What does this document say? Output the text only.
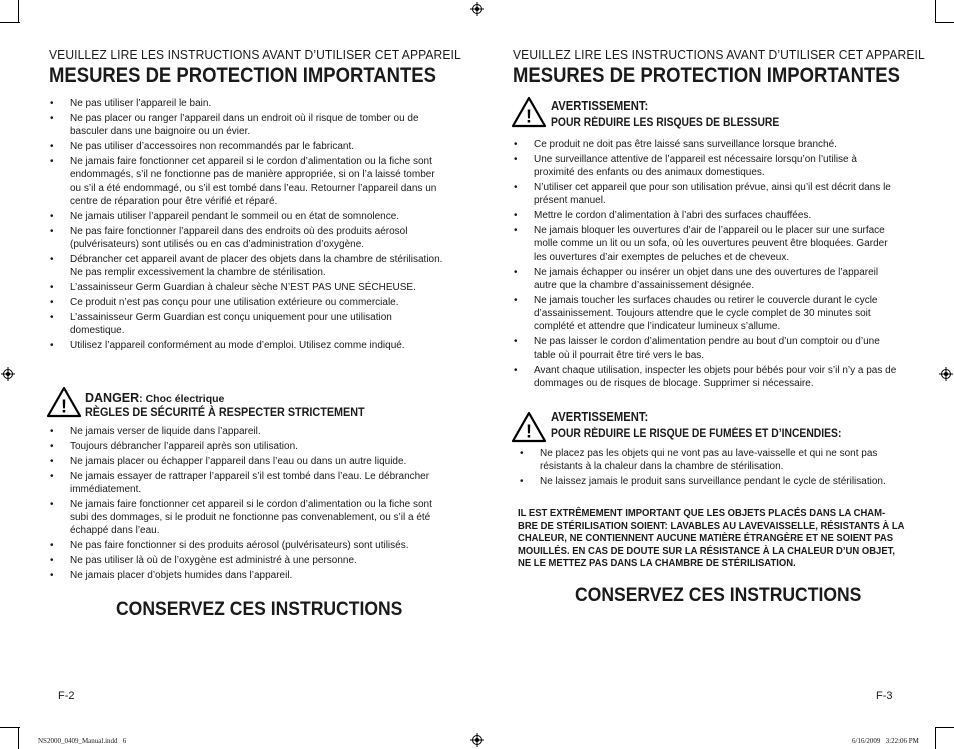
VEUILLEZ LIRE LES INSTRUCTIONS AVANT D’UTILISER CET APPAREIL
MESURES DE PROTECTION IMPORTANTES
• Ne pas utiliser l’appareil le bain.
• Ne pas placer ou ranger l’appareil dans un endroit où il risque de tomber ou de basculer dans une baignoire ou un évier.
• Ne pas utiliser d’accessoires non recommandés par le fabricant.
• Ne jamais faire fonctionner cet appareil si le cordon d’alimentation ou la fiche sont endommagés, s’il ne fonctionne pas de manière appropriée, si on l’a laissé tomber ou s’il a été endommagé, ou s’il est tombé dans l’eau. Retourner l’appareil dans un centre de réparation pour être vérifié et réparé.
• Ne jamais utiliser l’appareil pendant le sommeil ou en état de somnolence.
• Ne pas faire fonctionner l’appareil dans des endroits où des produits aérosol (pulvérisateurs) sont utilisés ou en cas d’administration d’oxygène.
• Débrancher cet appareil avant de placer des objets dans la chambre de stérilisation. Ne pas remplir excessivement la chambre de stérilisation.
• L’assainisseur Germ Guardian à chaleur sèche N’EST PAS UNE SÉCHEUSE.
• Ce produit n’est pas conçu pour une utilisation extérieure ou commerciale.
• L’assainisseur Germ Guardian est conçu uniquement pour une utilisation domestique.
• Utilisez l’appareil conformément au mode d’emploi. Utilisez comme indiqué.
! DANGER: Choc électrique
RÈGLES DE SÉCURITÉ À RESPECTER STRICTEMENT
• Ne jamais verser de liquide dans l’appareil.
• Toujours débrancher l’appareil après son utilisation.
• Ne jamais placer ou échapper l’appareil dans l’eau ou dans un autre liquide.
• Ne jamais essayer de rattraper l’appareil s’il est tombé dans l’eau. Le débrancher immédiatement.
• Ne jamais faire fonctionner cet appareil si le cordon d’alimentation ou la fiche sont subi des dommages, si le produit ne fonctionne pas convenablement, ou s’il a été échappé dans l’eau.
• Ne pas faire fonctionner si des produits aérosol (pulvérisateurs) sont utilisés.
• Ne pas utiliser là où de l’oxygène est administré à une personne.
• Ne jamais placer d’objets humides dans l’appareil.
CONSERVEZ CES INSTRUCTIONS
F-2
VEUILLEZ LIRE LES INSTRUCTIONS AVANT D’UTILISER CET APPAREIL
MESURES DE PROTECTION IMPORTANTES
!
AVERTISSEMENT:
POUR RÉDUIRE LES RISQUES DE BLESSURE
• Ce produit ne doit pas être laissé sans surveillance lorsque branché.
• Une surveillance attentive de l’appareil est nécessaire lorsqu’on l’utilise à proximité des enfants ou des animaux domestiques.
• N’utiliser cet appareil que pour son utilisation prévue, ainsi qu’il est décrit dans le présent manuel.
• Mettre le cordon d’alimentation à l’abri des surfaces chauffées.
• Ne jamais bloquer les ouvertures d’air de l’appareil ou le placer sur une surface molle comme un lit ou un sofa, où les ouvertures peuvent être bloquées. Garder les ouvertures d’air exemptes de peluches et de cheveux.
• Ne jamais échapper ou insérer un objet dans une des ouvertures de l’appareil autre que la chambre d’assainissement désignée.
• Ne jamais toucher les surfaces chaudes ou retirer le couvercle durant le cycle d’assainissement. Toujours attendre que le cycle complet de 30 minutes soit complété et attendre que l’indicateur lumineux s’allume.
• Ne pas laisser le cordon d’alimentation pendre au bout d’un comptoir ou d’une table où il pourrait être tiré vers le bas.
• Avant chaque utilisation, inspecter les objets pour bébés pour voir s’il n’y a pas de dommages ou de risques de blocage. Supprimer si nécessaire.
!
AVERTISSEMENT:
POUR RÉDUIRE LE RISQUE DE FUMÉES ET D’INCENDIES:
• Ne placez pas les objets qui ne vont pas au lave-vaisselle et qui ne sont pas résistants à la chaleur dans la chambre de stérilisation.
• Ne laissez jamais le produit sans surveillance pendant le cycle de stérilisation.
IL EST EXTRÊMEMENT IMPORTANT QUE LES OBJETS PLACÉS DANS LA CHAM-BRE DE STÉRILISATION SOIENT: LAVABLES AU LAVEVAISSELLE, RÉSISTANTS À LA CHALEUR, NE CONTIENNENT AUCUNE MATIÈRE ÉTRANGÈRE ET NE SOIENT PAS MOUILLÉS. EN CAS DE DOUTE SUR LA RÉSISTANCE À LA CHALEUR D’UN OBJET, NE LE METTEZ PAS DANS LA CHAMBRE DE STÉRILISATION.
CONSERVEZ CES INSTRUCTIONS
F-3
NS2000_0409_Manual.indd   6	6/16/2009   3:22:06 PM
